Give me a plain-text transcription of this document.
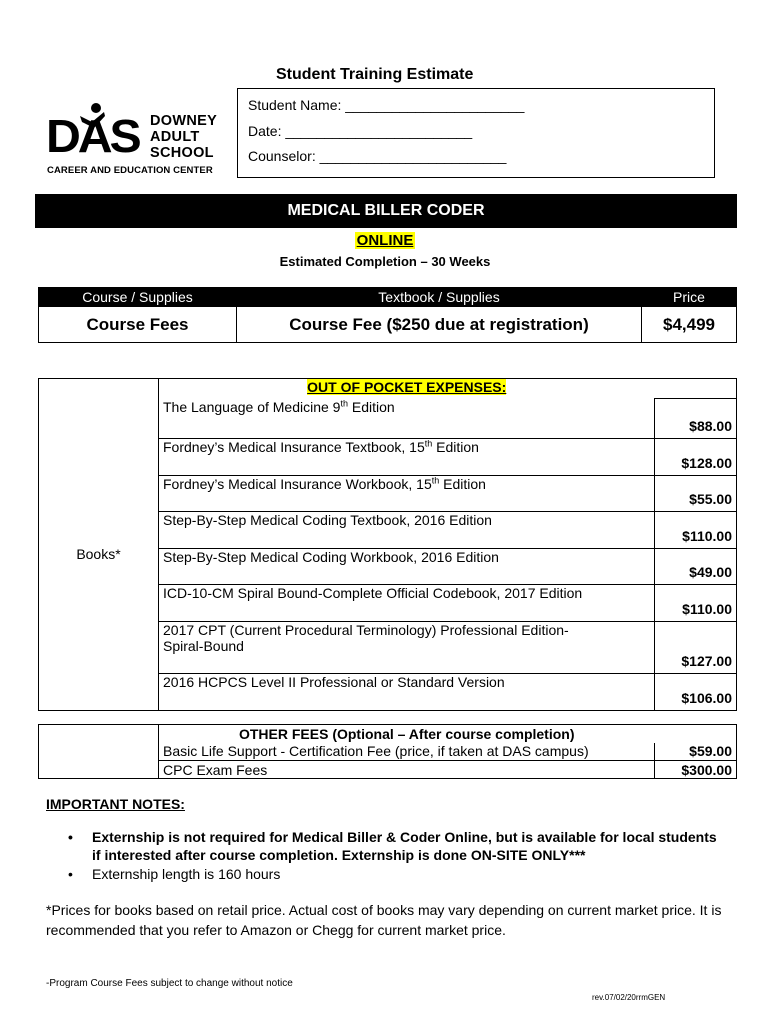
Student Training Estimate
Student Name: _______________________
Date: ________________________
Counselor: ________________________
DAS DOWNEY
ADULT
SCHOOL
CAREER AND EDUCATION CENTER
MEDICAL BILLER CODER
ONLINE
Estimated Completion – 30 Weeks
Course / Supplies	Textbook / Supplies	Price
Course Fees	Course Fee ($250 due at registration)	$4,499

	OUT OF POCKET EXPENSES:	

Books*	The Language of Medicine 9th Edition	$88.00
	Fordney’s Medical Insurance Textbook, 15th Edition	$128.00
	Fordney’s Medical Insurance Workbook, 15th Edition	$55.00
	Step-By-Step Medical Coding Textbook, 2016 Edition	$110.00
	Step-By-Step Medical Coding Workbook, 2016 Edition	$49.00
	ICD-10-CM Spiral Bound-Complete Official Codebook, 2017 Edition	$110.00
	2017 CPT (Current Procedural Terminology) Professional Edition-Spiral-Bound	$127.00
	2016 HCPCS Level II Professional or Standard Version	$106.00
	OTHER FEES (Optional – After course completion)	
	Basic Life Support - Certification Fee (price, if taken at DAS campus)	$59.00
	CPC Exam Fees	$300.00
IMPORTANT NOTES:
• Externship is not required for Medical Biller & Coder Online, but is available for local students if interested after course completion. Externship is done ON-SITE ONLY***
• Externship length is 160 hours
*Prices for books based on retail price. Actual cost of books may vary depending on current market price. It is recommended that you refer to Amazon or Chegg for current market price.
-Program Course Fees subject to change without notice
rev.07/02/20rrmGEN
